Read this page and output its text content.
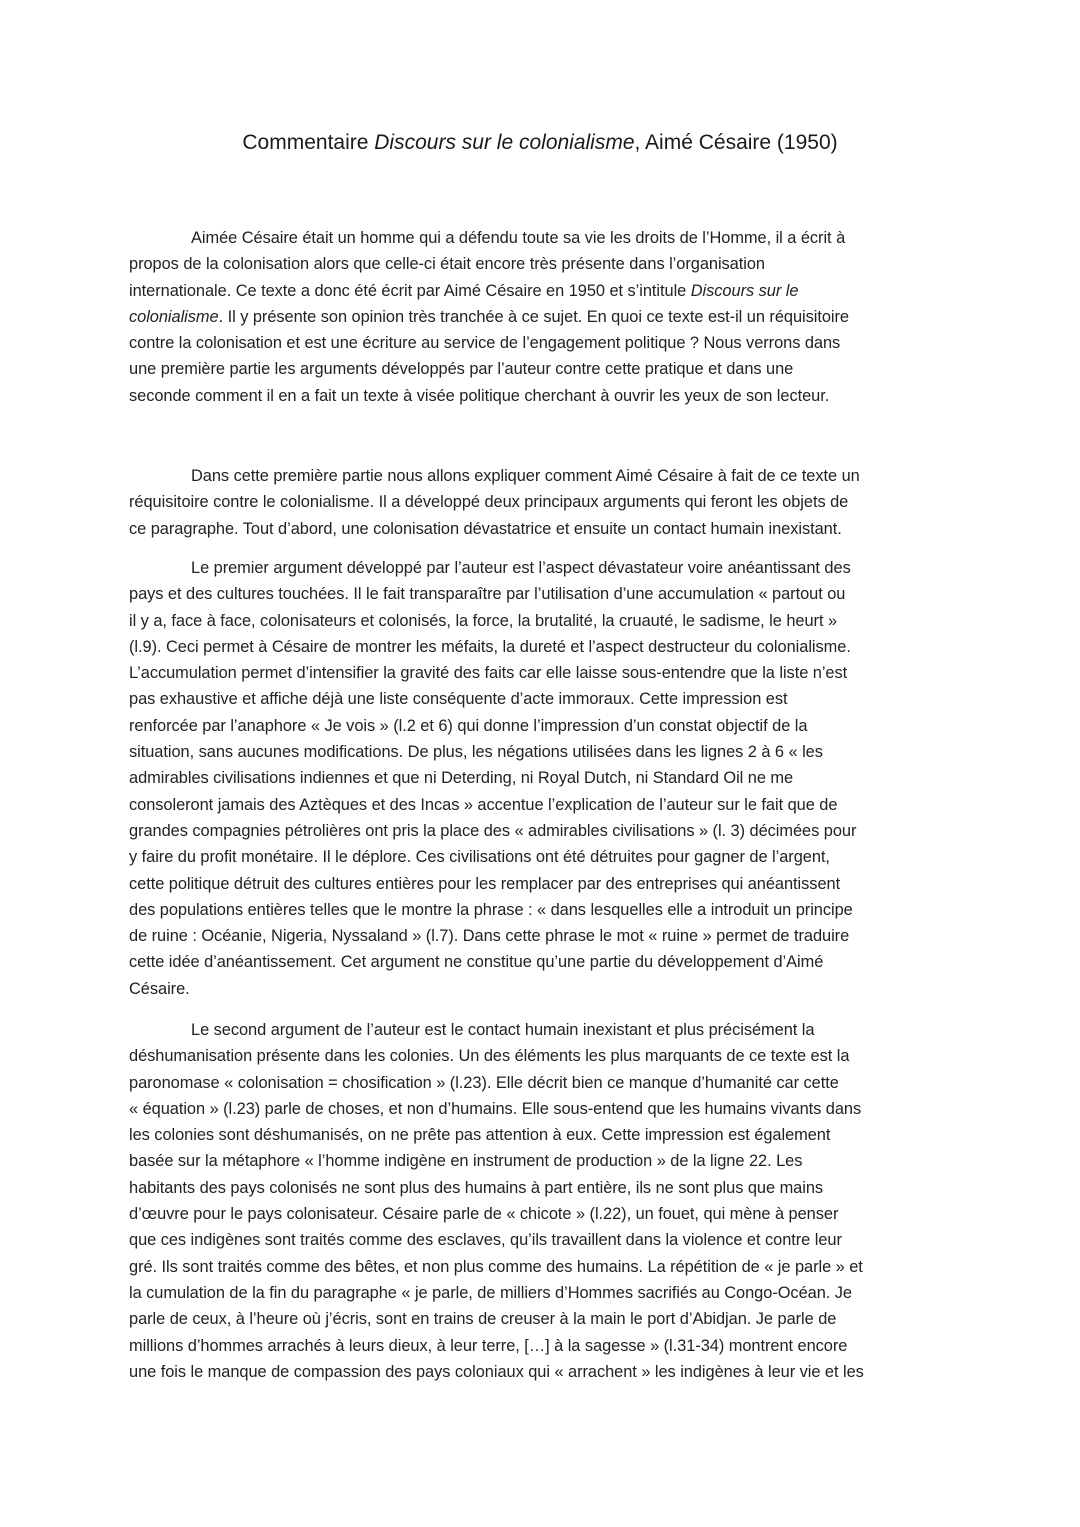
Commentaire Discours sur le colonialisme, Aimé Césaire (1950)
Aimée Césaire était un homme qui a défendu toute sa vie les droits de l’Homme, il a écrit à
propos de la colonisation alors que celle-ci était encore très présente dans l’organisation
internationale. Ce texte a donc été écrit par Aimé Césaire en 1950 et s’intitule Discours sur le
colonialisme. Il y présente son opinion très tranchée à ce sujet. En quoi ce texte est-il un réquisitoire
contre la colonisation et est une écriture au service de l’engagement politique ? Nous verrons dans
une première partie les arguments développés par l’auteur contre cette pratique et dans une
seconde comment il en a fait un texte à visée politique cherchant à ouvrir les yeux de son lecteur.
Dans cette première partie nous allons expliquer comment Aimé Césaire à fait de ce texte un
réquisitoire contre le colonialisme. Il a développé deux principaux arguments qui feront les objets de
ce paragraphe. Tout d’abord, une colonisation dévastatrice et ensuite un contact humain inexistant.
Le premier argument développé par l’auteur est l’aspect dévastateur voire anéantissant des
pays et des cultures touchées. Il le fait transparaître par l’utilisation d’une accumulation « partout ou
il y a, face à face, colonisateurs et colonisés, la force, la brutalité, la cruauté, le sadisme, le heurt »
(l.9). Ceci permet à Césaire de montrer les méfaits, la dureté et l’aspect destructeur du colonialisme.
L’accumulation permet d’intensifier la gravité des faits car elle laisse sous-entendre que la liste n’est
pas exhaustive et affiche déjà une liste conséquente d’acte immoraux. Cette impression est
renforcée par l’anaphore « Je vois » (l.2 et 6) qui donne l’impression d’un constat objectif de la
situation, sans aucunes modifications. De plus, les négations utilisées dans les lignes 2 à 6 « les
admirables civilisations indiennes et que ni Deterding, ni Royal Dutch, ni Standard Oil ne me
consoleront jamais des Aztèques et des Incas » accentue l’explication de l’auteur sur le fait que de
grandes compagnies pétrolières ont pris la place des « admirables civilisations » (l. 3) décimées pour
y faire du profit monétaire. Il le déplore. Ces civilisations ont été détruites pour gagner de l’argent,
cette politique détruit des cultures entières pour les remplacer par des entreprises qui anéantissent
des populations entières telles que le montre la phrase : « dans lesquelles elle a introduit un principe
de ruine : Océanie, Nigeria, Nyssaland » (l.7). Dans cette phrase le mot « ruine » permet de traduire
cette idée d’anéantissement. Cet argument ne constitue qu’une partie du développement d’Aimé
Césaire.
Le second argument de l’auteur est le contact humain inexistant et plus précisément la
déshumanisation présente dans les colonies. Un des éléments les plus marquants de ce texte est la
paronomase « colonisation = chosification » (l.23). Elle décrit bien ce manque d’humanité car cette
« équation » (l.23) parle de choses, et non d’humains. Elle sous-entend que les humains vivants dans
les colonies sont déshumanisés, on ne prête pas attention à eux. Cette impression est également
basée sur la métaphore « l’homme indigène en instrument de production » de la ligne 22. Les
habitants des pays colonisés ne sont plus des humains à part entière, ils ne sont plus que mains
d’œuvre pour le pays colonisateur. Césaire parle de « chicote » (l.22), un fouet, qui mène à penser
que ces indigènes sont traités comme des esclaves, qu’ils travaillent dans la violence et contre leur
gré. Ils sont traités comme des bêtes, et non plus comme des humains. La répétition de « je parle » et
la cumulation de la fin du paragraphe « je parle, de milliers d’Hommes sacrifiés au Congo-Océan. Je
parle de ceux, à l’heure où j’écris, sont en trains de creuser à la main le port d’Abidjan. Je parle de
millions d’hommes arrachés à leurs dieux, à leur terre, […] à la sagesse » (l.31-34) montrent encore
une fois le manque de compassion des pays coloniaux qui « arrachent » les indigènes à leur vie et les
